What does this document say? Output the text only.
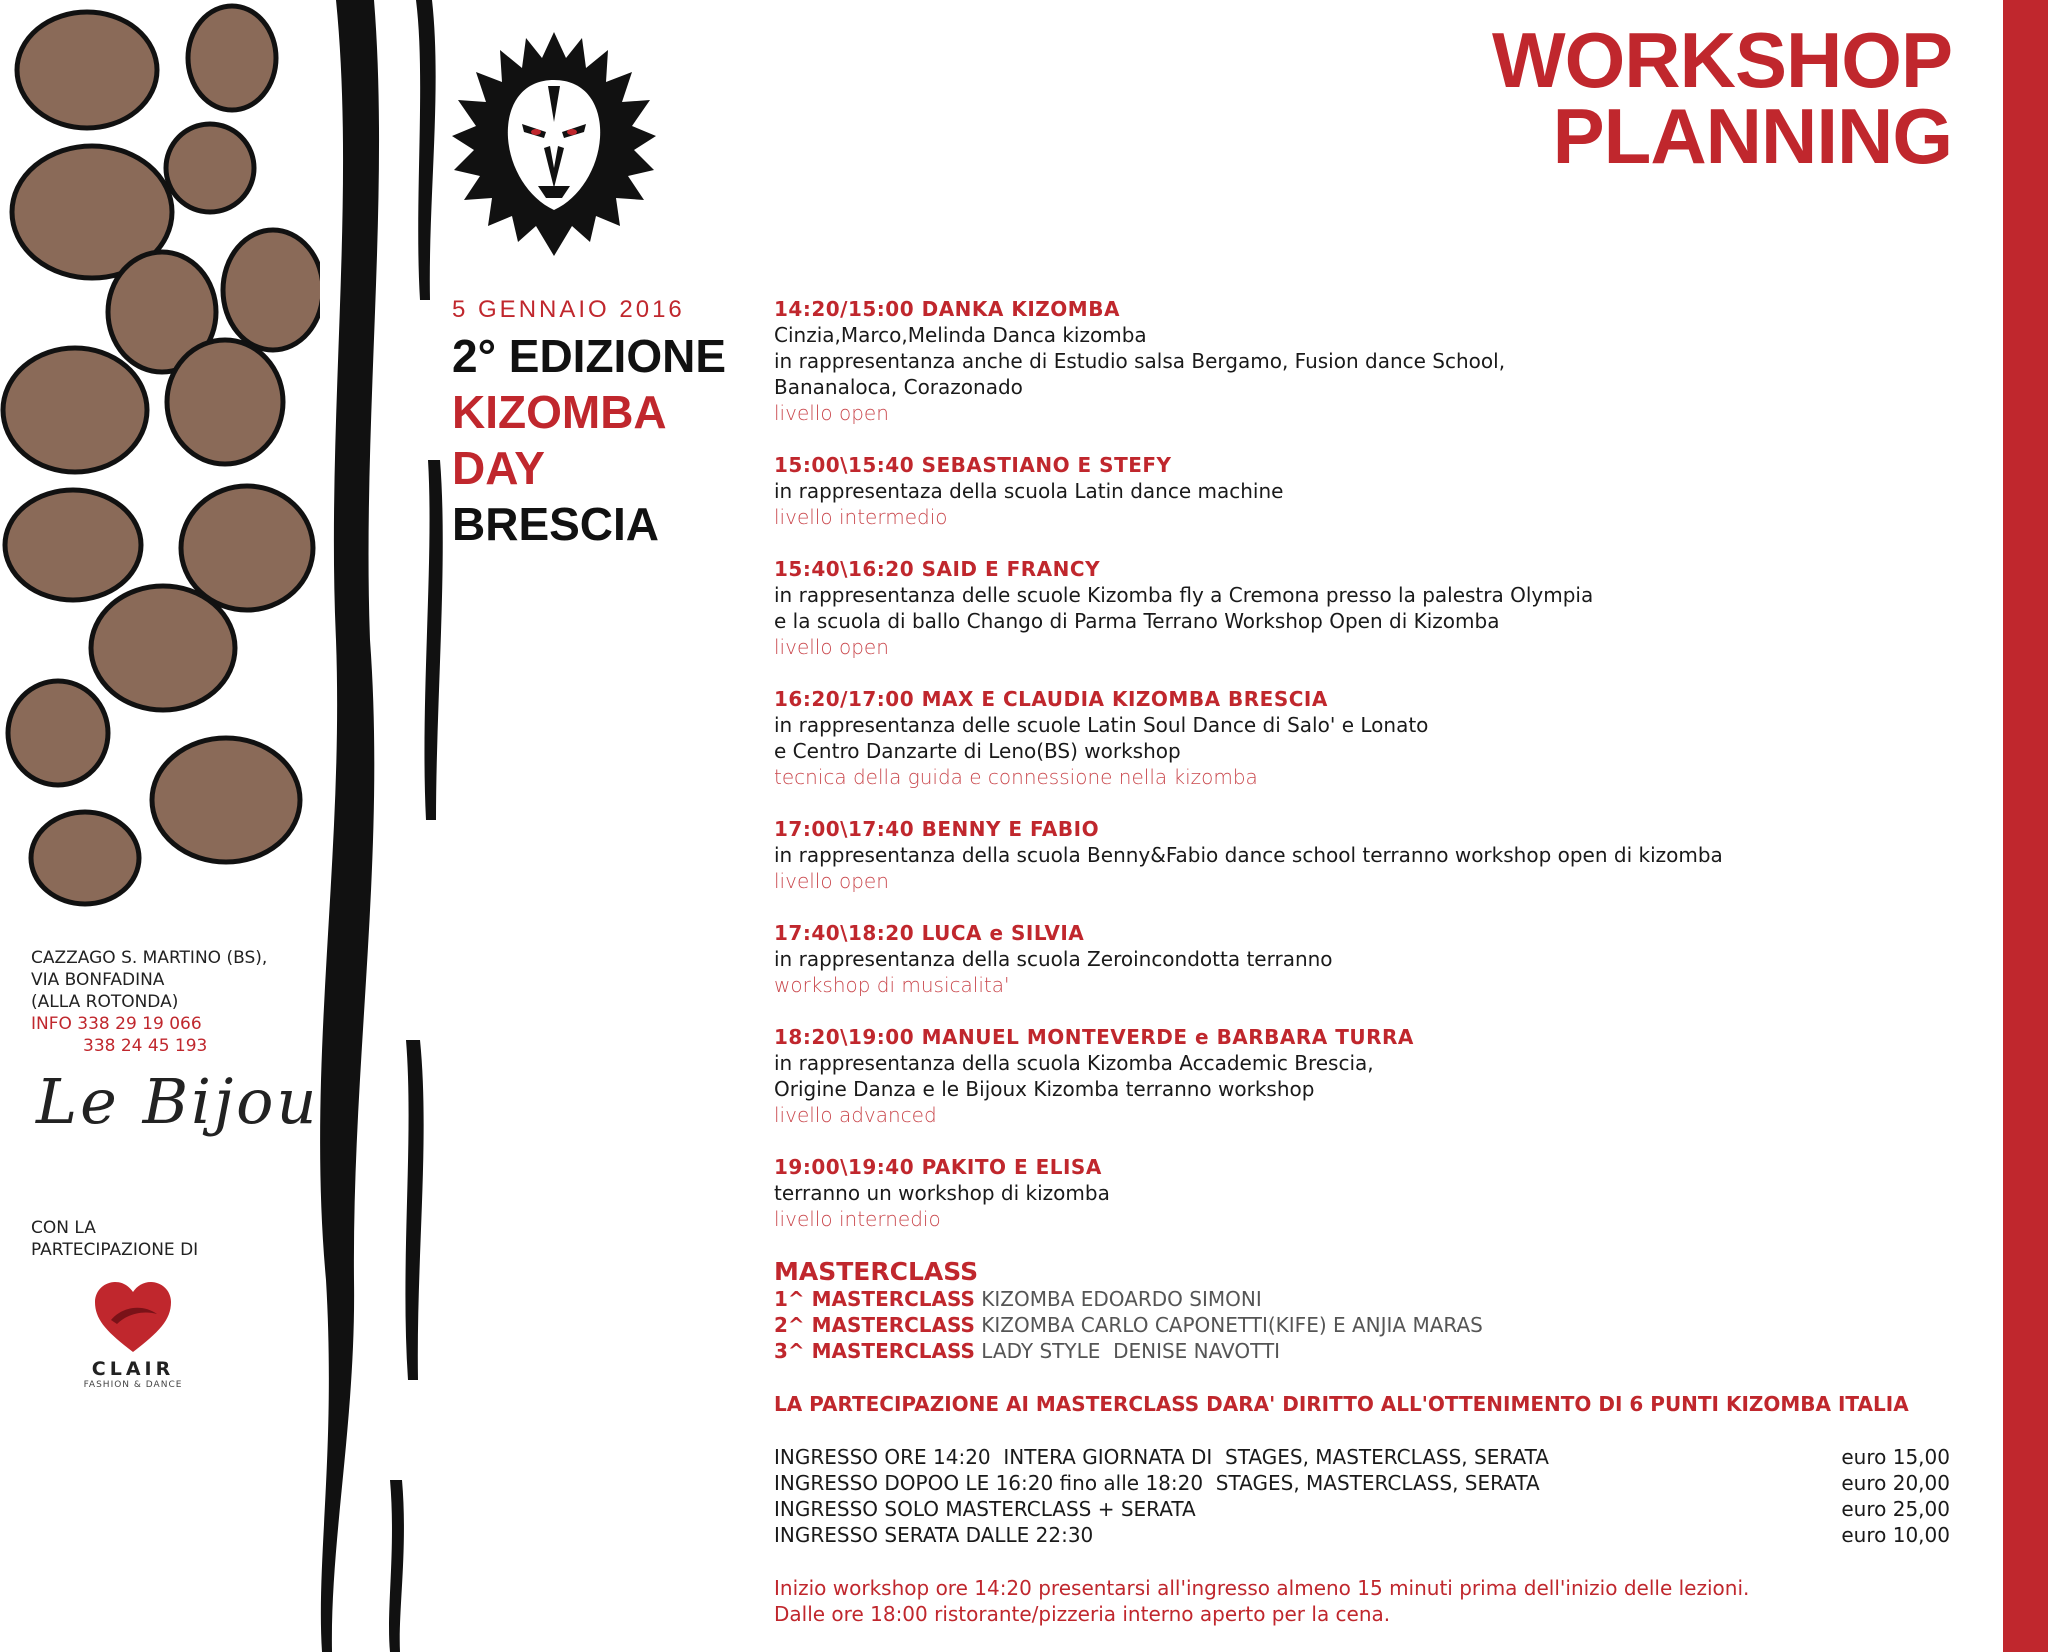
WORKSHOP
PLANNING
5 GENNAIO 2016
2° EDIZIONE
KIZOMBA
DAY
BRESCIA
CAZZAGO S. MARTINO (BS),
VIA BONFADINA
(ALLA ROTONDA)
INFO 338 29 19 066
338 24 45 193
Le Bijou
CON LA
PARTECIPAZIONE DI
CLAIR
FASHION & DANCE
14:20/15:00 DANKA KIZOMBA
Cinzia,Marco,Melinda Danca kizomba
in rappresentanza anche di Estudio salsa Bergamo, Fusion dance School,
Bananaloca, Corazonado
livello open
15:00\15:40 SEBASTIANO E STEFY
in rappresentaza della scuola Latin dance machine
livello intermedio
15:40\16:20 SAID E FRANCY
in rappresentanza delle scuole Kizomba fly a Cremona presso la palestra Olympia
e la scuola di ballo Chango di Parma Terrano Workshop Open di Kizomba
livello open
16:20/17:00 MAX E CLAUDIA KIZOMBA BRESCIA
in rappresentanza delle scuole Latin Soul Dance di Salo' e Lonato
e Centro Danzarte di Leno(BS) workshop
tecnica della guida e connessione nella kizomba
17:00\17:40 BENNY E FABIO
in rappresentanza della scuola Benny&Fabio dance school terranno workshop open di kizomba
livello open
17:40\18:20 LUCA e SILVIA
in rappresentanza della scuola Zeroincondotta terranno
workshop di musicalita'
18:20\19:00 MANUEL MONTEVERDE e BARBARA TURRA
in rappresentanza della scuola Kizomba Accademic Brescia,
Origine Danza e le Bijoux Kizomba terranno workshop
livello advanced
19:00\19:40 PAKITO E ELISA
terranno un workshop di kizomba
livello internedio
MASTERCLASS
1^ MASTERCLASS KIZOMBA EDOARDO SIMONI
2^ MASTERCLASS KIZOMBA CARLO CAPONETTI(KIFE) E ANJIA MARAS
3^ MASTERCLASS LADY STYLE  DENISE NAVOTTI
LA PARTECIPAZIONE AI MASTERCLASS DARA' DIRITTO ALL'OTTENIMENTO DI 6 PUNTI KIZOMBA ITALIA
INGRESSO ORE 14:20  INTERA GIORNATA DI  STAGES, MASTERCLASS, SERATA	euro 15,00
INGRESSO DOPOO LE 16:20 fino alle 18:20  STAGES, MASTERCLASS, SERATA	euro 20,00
INGRESSO SOLO MASTERCLASS + SERATA	euro 25,00
INGRESSO SERATA DALLE 22:30	euro 10,00
Inizio workshop ore 14:20 presentarsi all'ingresso almeno 15 minuti prima dell'inizio delle lezioni.
Dalle ore 18:00 ristorante/pizzeria interno aperto per la cena.
